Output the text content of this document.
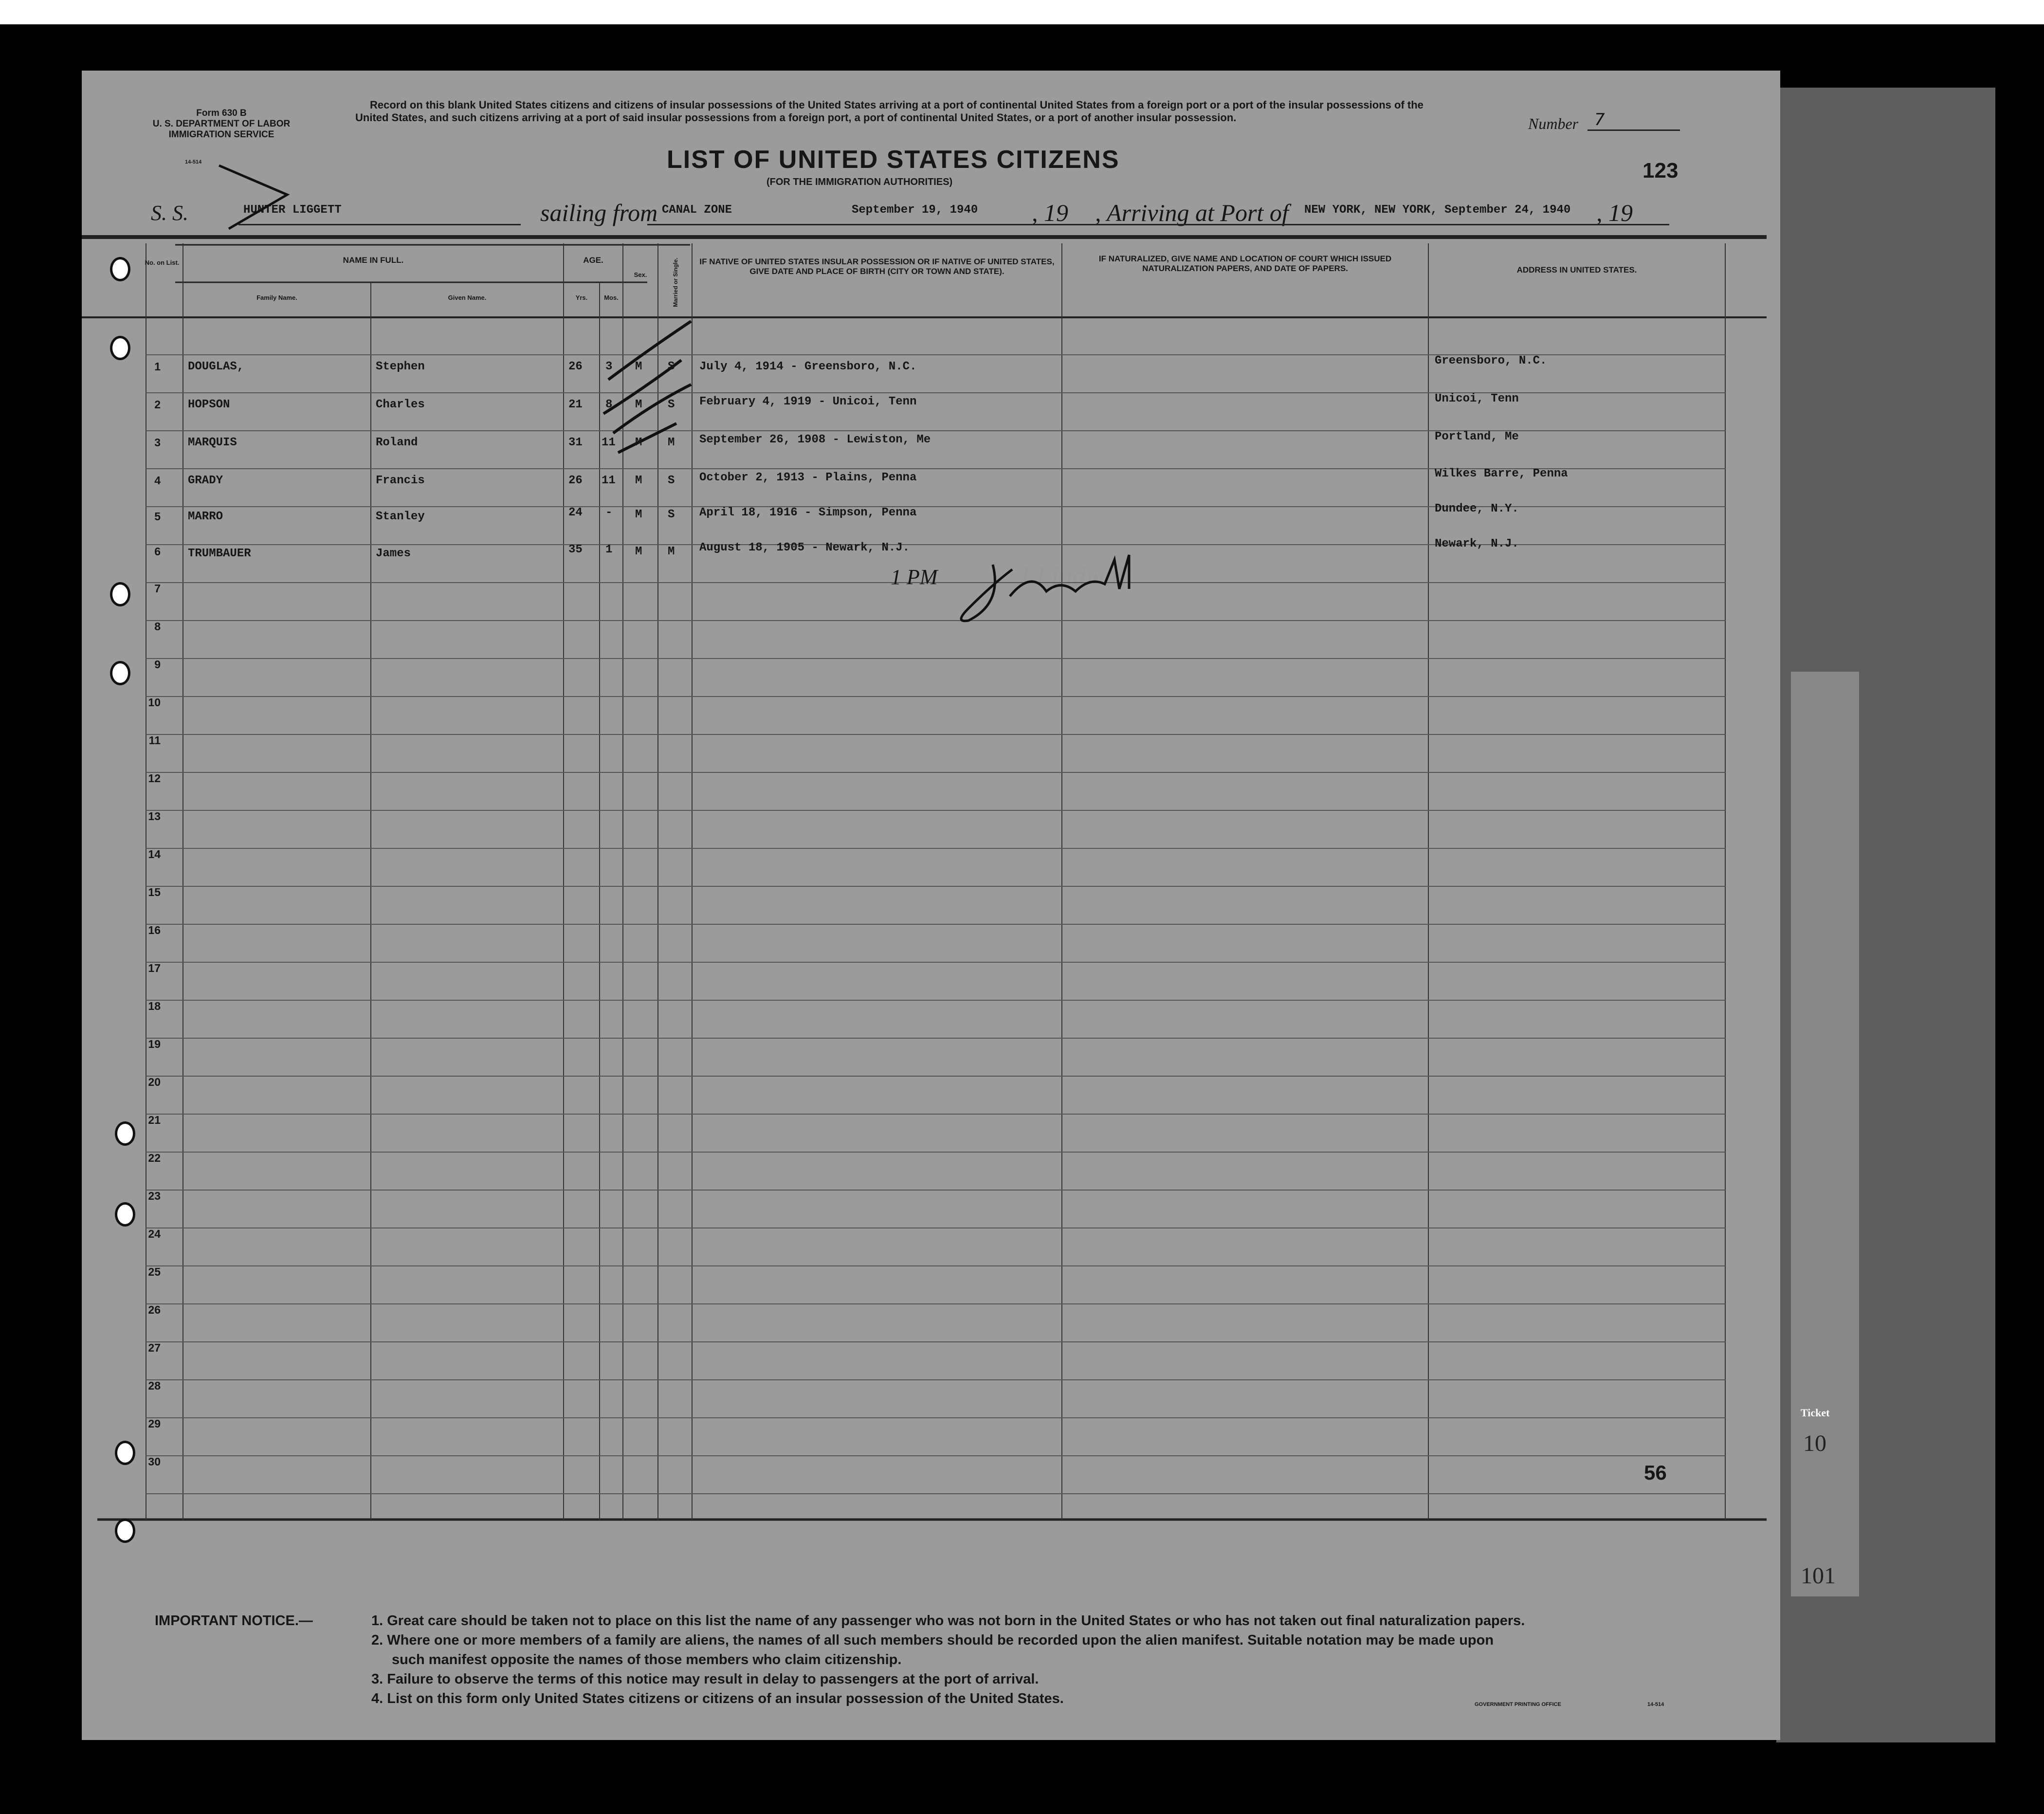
Form 630 B
U. S. DEPARTMENT OF LABOR
IMMIGRATION SERVICE
14-514
Record on this blank United States citizens and citizens of insular possessions of the United States arriving at a port of continental United States from a foreign port or a port of the insular possessions of the United States, and such citizens arriving at a port of said insular possessions from a foreign port, a port of continental United States, or a port of another insular possession.	Number 7
LIST OF UNITED STATES CITIZENS
(FOR THE IMMIGRATION AUTHORITIES)	123
S. S.	HUNTER LIGGETT	sailing from CANAL ZONE	September 19, 1940 , 19 , Arriving at Port of NEW YORK, NEW YORK, September 24, 1940 , 19
No. on List.	NAME IN FULL.
Family Name.	Given Name.
AGE.
Yrs.	Mos.
Sex.	Married or Single.	IF NATIVE OF UNITED STATES INSULAR POSSESSION OR IF NATIVE OF UNITED STATES, GIVE DATE AND PLACE OF BIRTH (CITY OR TOWN AND STATE).
IF NATURALIZED, GIVE NAME AND LOCATION OF COURT WHICH ISSUED NATURALIZATION PAPERS, AND DATE OF PAPERS.	ADDRESS IN UNITED STATES.
1 DOUGLAS,	Stephen	26 3 M S July 4, 1914 - Greensboro, N.C.	Greensboro, N.C.
2 HOPSON	Charles	21 8 M S February 4, 1919 - Unicoi, Tenn	Unicoi, Tenn
3 MARQUIS	Roland	31 11 M M September 26, 1908 - Lewiston, Me	Portland, Me
4 GRADY	Francis	26 11 M S October 2, 1913 - Plains, Penna	Wilkes Barre, Penna
5 MARRO	Stanley	24 - M S April 18, 1916 - Simpson, Penna	Dundee, N.Y.
6 TRUMBAUER	James	35 1 M M August 18, 1905 - Newark, N.J.	Newark, N.J.
1 PM
7
8
9
10
11
12
13
14
15
16
17
18
19
20
21
22
23
24
25
26
27
28
29
30	56
IMPORTANT NOTICE.—	1. Great care should be taken not to place on this list the name of any passenger who was not born in the United States or who has not taken out final naturalization papers.
2. Where one or more members of a family are aliens, the names of all such members should be recorded upon the alien manifest. Suitable notation may be made upon
such manifest opposite the names of those members who claim citizenship.
3. Failure to observe the terms of this notice may result in delay to passengers at the port of arrival.
4. List on this form only United States citizens or citizens of an insular possession of the United States.	GOVERNMENT PRINTING OFFICE	14-514
Ticket
10
101
